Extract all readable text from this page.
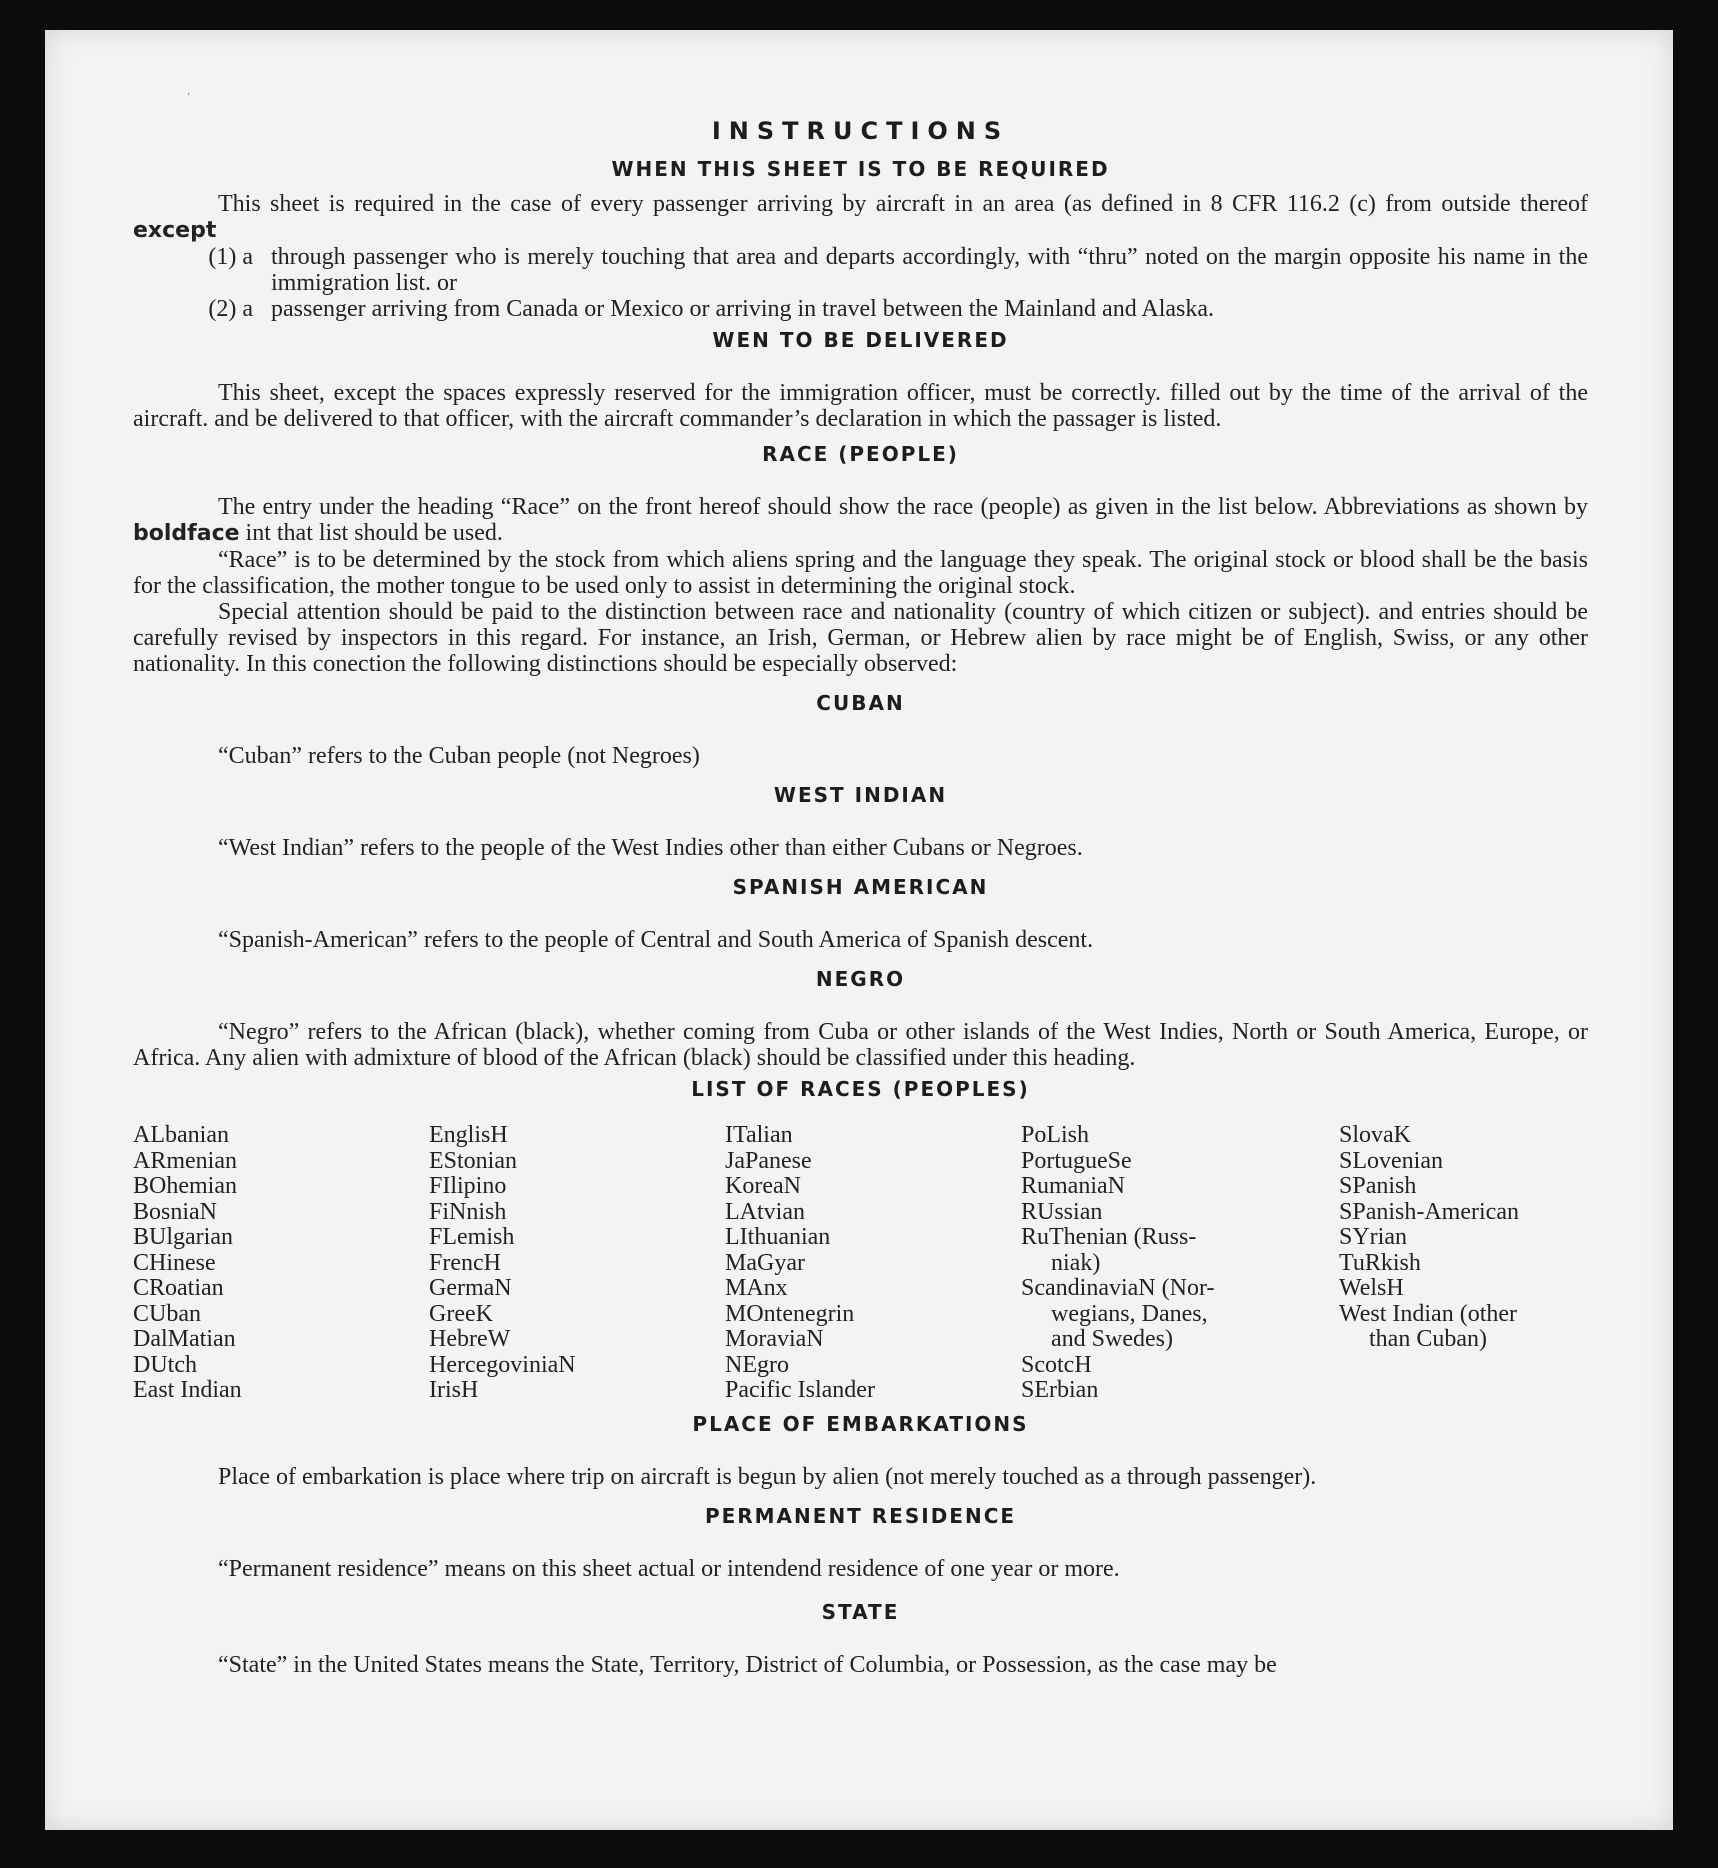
’
INSTRUCTIONS
WHEN THIS SHEET IS TO BE REQUIRED

This sheet is required in the case of every passenger arriving by aircraft in an area (as defined in 8 CFR 116.2 (c) from outside thereof except

(1) a through passenger who is merely touching that area and departs accordingly, with “thru” noted on the margin opposite his name in the immigration list. or
(2) a passenger arriving from Canada or Mexico or arriving in travel between the Mainland and Alaska.
WEN TO BE DELIVERED

This sheet, except the spaces expressly reserved for the immigration officer, must be correctly. filled out by the time of the arrival of the aircraft. and be delivered to that officer, with the aircraft commander’s declaration in which the passager is listed.

RACE (PEOPLE)

The entry under the heading “Race” on the front hereof should show the race (people) as given in the list below. Abbreviations as shown by boldface int that list should be used.

“Race” is to be determined by the stock from which aliens spring and the language they speak. The original stock or blood shall be the basis for the classification, the mother tongue to be used only to assist in determining the original stock.

Special attention should be paid to the distinction between race and nationality (country of which citizen or subject). and entries should be carefully revised by inspectors in this regard. For instance, an Irish, German, or Hebrew alien by race might be of English, Swiss, or any other nationality. In this conection the following distinctions should be especially observed:

CUBAN

“Cuban” refers to the Cuban people (not Negroes)

WEST INDIAN

“West Indian” refers to the people of the West Indies other than either Cubans or Negroes.

SPANISH AMERICAN

“Spanish-American” refers to the people of Central and South America of Spanish descent.

NEGRO

“Negro” refers to the African (black), whether coming from Cuba or other islands of the West Indies, North or South America, Europe, or Africa. Any alien with admixture of blood of the African (black) should be classified under this heading.

LIST OF RACES (PEOPLES)
ALbanian
ARmenian
BOhemian
BosniaN
BUlgarian
CHinese
CRoatian
CUban
DalMatian
DUtch
East Indian
EnglisH
EStonian
FIlipino
FiNnish
FLemish
FrencH
GermaN
GreeK
HebreW
HercegoviniaN
IrisH
ITalian
JaPanese
KoreaN
LAtvian
LIthuanian
MaGyar
MAnx
MOntenegrin
MoraviaN
NEgro
Pacific Islander
PoLish
PortugueSe
RumaniaN
RUssian
RuThenian (Russ-
niak)
ScandinaviaN (Nor-
wegians, Danes,
and Swedes)
ScotcH
SErbian
SlovaK
SLovenian
SPanish
SPanish-American
SYrian
TuRkish
WelsH
West Indian (other
than Cuban)
PLACE OF EMBARKATIONS

Place of embarkation is place where trip on aircraft is begun by alien (not merely touched as a through passenger).

PERMANENT RESIDENCE

“Permanent residence” means on this sheet actual or intendend residence of one year or more.

STATE

“State” in the United States means the State, Territory, District of Columbia, or Possession, as the case may be
